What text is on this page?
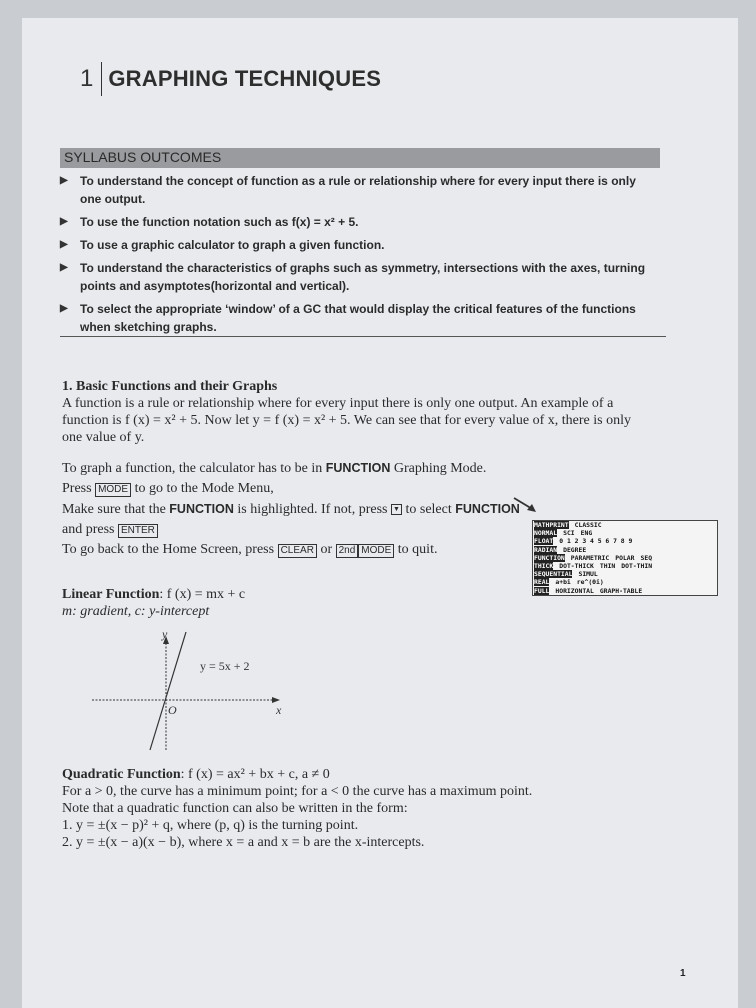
1 GRAPHING TECHNIQUES
SYLLABUS OUTCOMES
▶ To understand the concept of function as a rule or relationship where for every input there is only one output.
▶ To use the function notation such as f(x) = x² + 5.
▶ To use a graphic calculator to graph a given function.
▶ To understand the characteristics of graphs such as symmetry, intersections with the axes, turning points and asymptotes(horizontal and vertical).
▶ To select the appropriate ‘window’ of a GC that would display the critical features of the functions when sketching graphs.
1. Basic Functions and their Graphs
A function is a rule or relationship where for every input there is only one output. An example of a
function is f (x) = x² + 5. Now let y = f (x) = x² + 5. We can see that for every value of x, there is only
one value of y.
To graph a function, the calculator has to be in FUNCTION Graphing Mode.
Press MODE to go to the Mode Menu,
Make sure that the FUNCTION is highlighted. If not, press ▼ to select FUNCTION
and press ENTER
To go back to the Home Screen, press CLEAR or 2nd MODE to quit.
MATHPRINT CLASSIC
NORMAL SCI ENG
FLOAT 0 1 2 3 4 5 6 7 8 9
RADIAN DEGREE
FUNCTION PARAMETRIC POLAR SEQ
THICK DOT-THICK THIN DOT-THIN
SEQUENTIAL SIMUL
REAL a+bi re^(θi)
FULL HORIZONTAL GRAPH-TABLE
Linear Function: f (x) = mx + c
m: gradient, c: y-intercept
y
x
O
y = 5x + 2
Quadratic Function: f (x) = ax² + bx + c, a ≠ 0
For a > 0, the curve has a minimum point; for a < 0 the curve has a maximum point.
Note that a quadratic function can also be written in the form:
1. y = ±(x − p)² + q, where (p, q) is the turning point.
2. y = ±(x − a)(x − b), where x = a and x = b are the x-intercepts.
1
